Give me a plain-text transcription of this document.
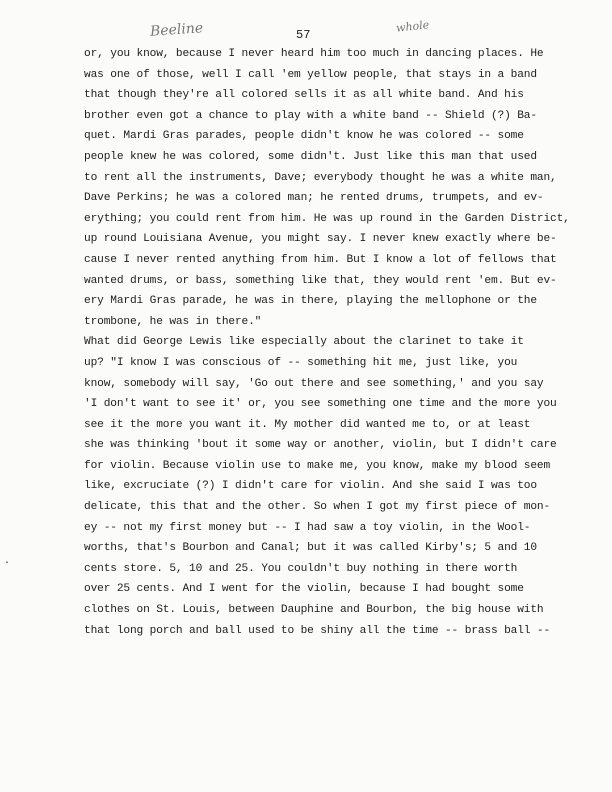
Beeline	57
whole
or, you know, because I never heard him too much in dancing places. He
was one of those, well I call 'em yellow people, that stays in a band
that though they're all colored sells it as all white band. And his
brother even got a chance to play with a white band -- Shield (?) Ba-
quet. Mardi Gras parades, people didn't know he was colored -- some
people knew he was colored, some didn't. Just like this man that used
to rent all the instruments, Dave; everybody thought he was a white man,
Dave Perkins; he was a colored man; he rented drums, trumpets, and ev-
erything; you could rent from him. He was up round in the Garden District,
up round Louisiana Avenue, you might say. I never knew exactly where be-
cause I never rented anything from him. But I know a lot of fellows that
wanted drums, or bass, something like that, they would rent 'em. But ev-
ery Mardi Gras parade, he was in there, playing the mellophone or the
trombone, he was in there."
What did George Lewis like especially about the clarinet to take it
up? "I know I was conscious of -- something hit me, just like, you
know, somebody will say, 'Go out there and see something,' and you say
'I don't want to see it' or, you see something one time and the more you
see it the more you want it. My mother did wanted me to, or at least
she was thinking 'bout it some way or another, violin, but I didn't care
for violin. Because violin use to make me, you know, make my blood seem
like, excruciate (?) I didn't care for violin. And she said I was too
delicate, this that and the other. So when I got my first piece of mon-
ey -- not my first money but -- I had saw a toy violin, in the Wool-
worths, that's Bourbon and Canal; but it was called Kirby's; 5 and 10
cents store. 5, 10 and 25. You couldn't buy nothing in there worth
over 25 cents. And I went for the violin, because I had bought some
clothes on St. Louis, between Dauphine and Bourbon, the big house with
that long porch and ball used to be shiny all the time -- brass ball --
·
